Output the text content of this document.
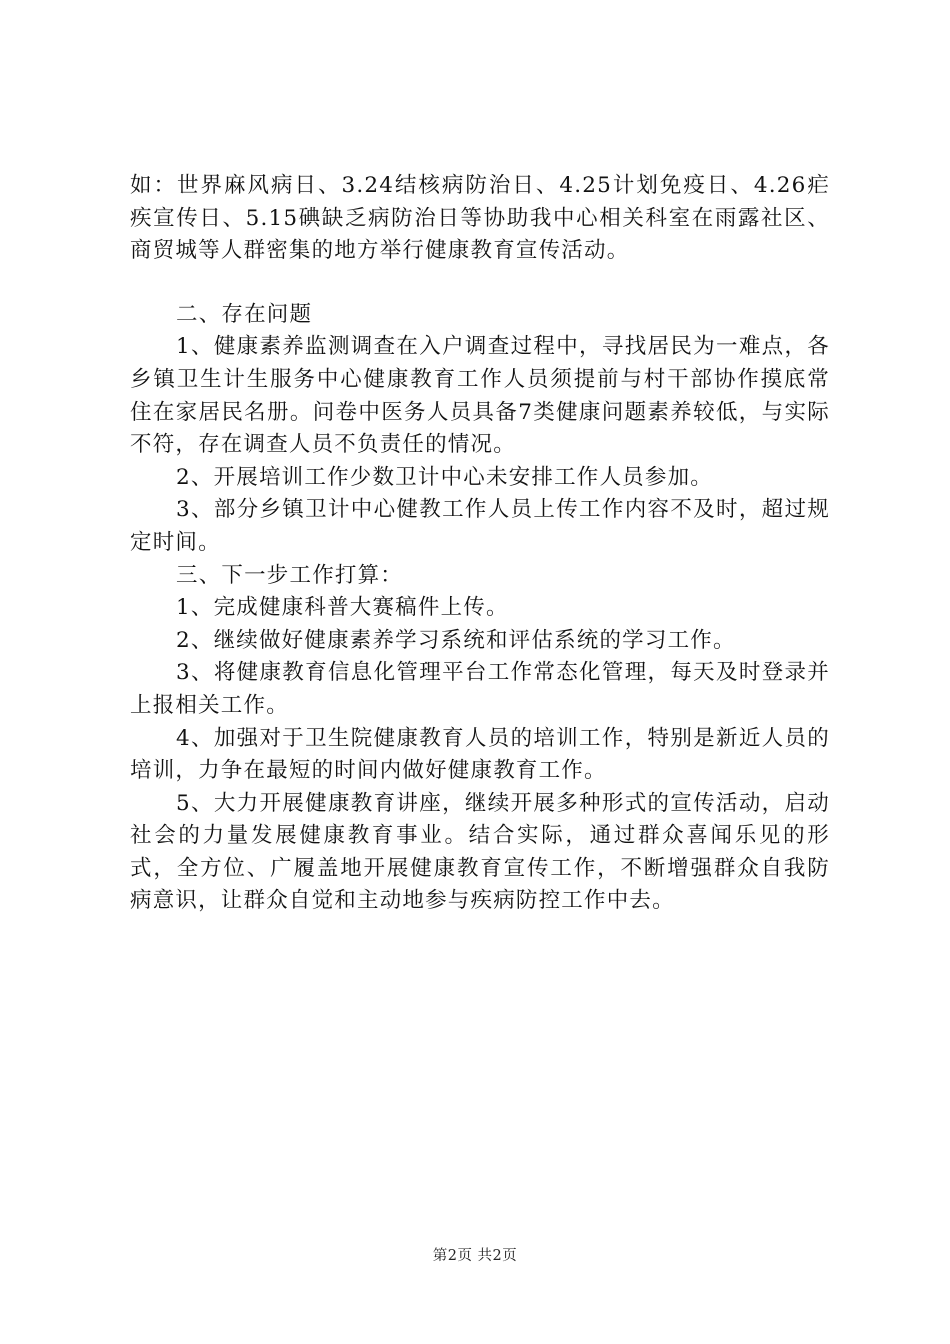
如：世界麻风病日、3.24结核病防治日、4.25计划免疫日、4.26疟疾宣传日、5.15碘缺乏病防治日等协助我中心相关科室在雨露社区、商贸城等人群密集的地方举行健康教育宣传活动。

二、存在问题

1、健康素养监测调查在入户调查过程中，寻找居民为一难点，各乡镇卫生计生服务中心健康教育工作人员须提前与村干部协作摸底常住在家居民名册。问卷中医务人员具备7类健康问题素养较低，与实际不符，存在调查人员不负责任的情况。

2、开展培训工作少数卫计中心未安排工作人员参加。

3、部分乡镇卫计中心健教工作人员上传工作内容不及时，超过规定时间。

三、下一步工作打算：

1、完成健康科普大赛稿件上传。

2、继续做好健康素养学习系统和评估系统的学习工作。

3、将健康教育信息化管理平台工作常态化管理，每天及时登录并上报相关工作。

4、加强对于卫生院健康教育人员的培训工作，特别是新近人员的培训，力争在最短的时间内做好健康教育工作。

5、大力开展健康教育讲座，继续开展多种形式的宣传活动，启动社会的力量发展健康教育事业。结合实际，通过群众喜闻乐见的形式，全方位、广履盖地开展健康教育宣传工作，不断增强群众自我防病意识，让群众自觉和主动地参与疾病防控工作中去。

第2页 共2页
